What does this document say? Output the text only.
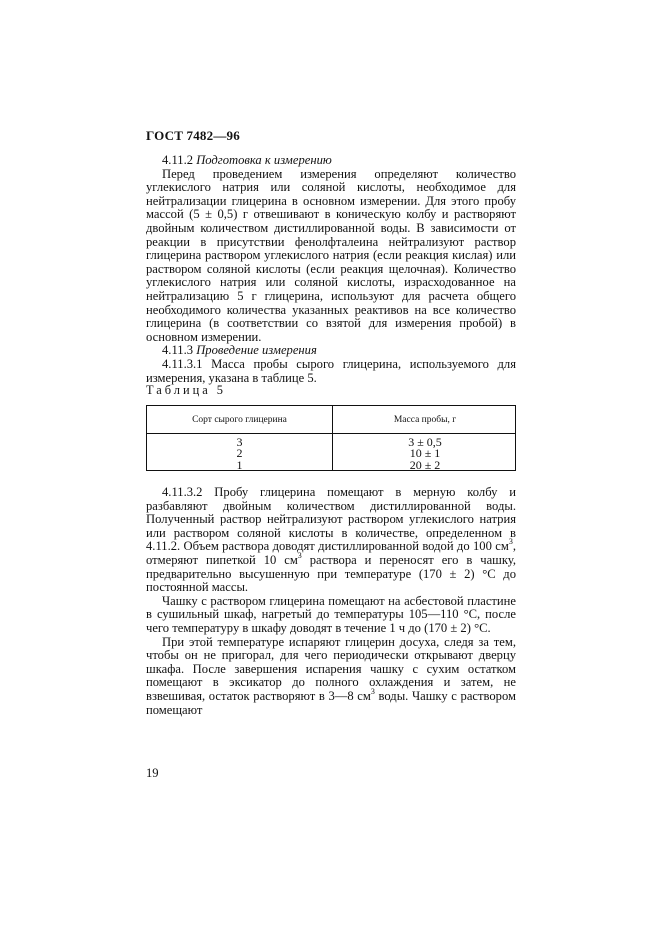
ГОСТ 7482—96

4.11.2 Подготовка к измерению

Перед проведением измерения определяют количество углекислого натрия или соляной кислоты, необходимое для нейтрализации глицерина в основном измерении. Для этого пробу массой (5 ± 0,5) г отвешивают в коническую колбу и растворяют двойным количеством дистиллированной воды. В зависимости от реакции в присутствии фенолфталеина нейтрализуют раствор глицерина раствором углекислого натрия (если реакция кислая) или раствором соляной кислоты (если реакция щелочная). Количество углекислого натрия или соляной кислоты, израсходованное на нейтрализацию 5 г глицерина, используют для расчета общего необходимого количества указанных реактивов на все количество глицерина (в соответствии со взятой для измерения пробой) в основном измерении.

4.11.3 Проведение измерения

4.11.3.1 Масса пробы сырого глицерина, используемого для измерения, указана в таблице 5.

Таблица 5
Сорт сырого глицерина	Масса пробы, г
3
2
1
3 ± 0,5
10 ± 1
20 ± 2

4.11.3.2 Пробу глицерина помещают в мерную колбу и разбавляют двойным количеством дистиллированной воды. Полученный раствор нейтрализуют раствором углекислого натрия или раствором соляной кислоты в количестве, определенном в 4.11.2. Объем раствора доводят дистиллированной водой до 100 $см^3$, отмеряют пипеткой 10 $см^3$ раствора и переносят его в чашку, предварительно высушенную при температуре (170 ± 2) °С до постоянной массы.

Чашку с раствором глицерина помещают на асбестовой пластине в сушильный шкаф, нагретый до температуры 105—110 °С, после чего температуру в шкафу доводят в течение 1 ч до (170 ± 2) °С.

При этой температуре испаряют глицерин досуха, следя за тем, чтобы он не пригорал, для чего периодически открывают дверцу шкафа. После завершения испарения чашку с сухим остатком помещают в эксикатор до полного охлаждения и затем, не взвешивая, остаток растворяют в 3—8 $см^3$ воды. Чашку с раствором помещают

19
